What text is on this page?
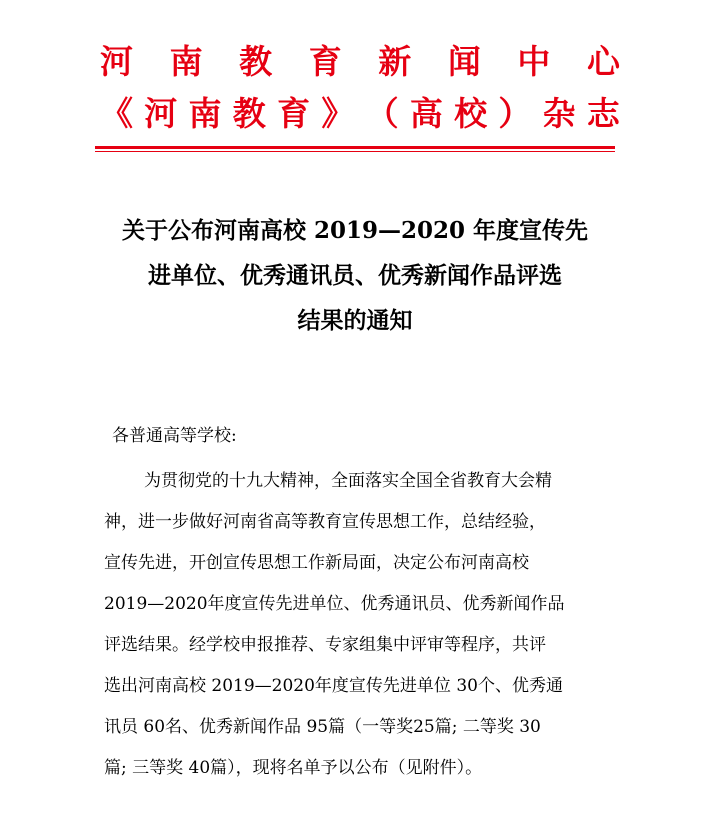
河 南 教 育 新 闻 中 心
《 河 南 教 育 》 （ 高 校 ） 杂 志
关于公布河南高校 2019—2020 年度宣传先
进单位、优秀通讯员、优秀新闻作品评选
结果的通知
各普通高等学校:
为贯彻党的十九大精神，全面落实全国全省教育大会精
神，进一步做好河南省高等教育宣传思想工作，总结经验，
宣传先进，开创宣传思想工作新局面，决定公布河南高校
2019—2020年度宣传先进单位、优秀通讯员、优秀新闻作品
评选结果。经学校申报推荐、专家组集中评审等程序，共评
选出河南高校 2019—2020年度宣传先进单位 30个、优秀通
讯员 60名、优秀新闻作品 95篇（一等奖25篇; 二等奖 30
篇; 三等奖 40篇），现将名单予以公布（见附件）。
